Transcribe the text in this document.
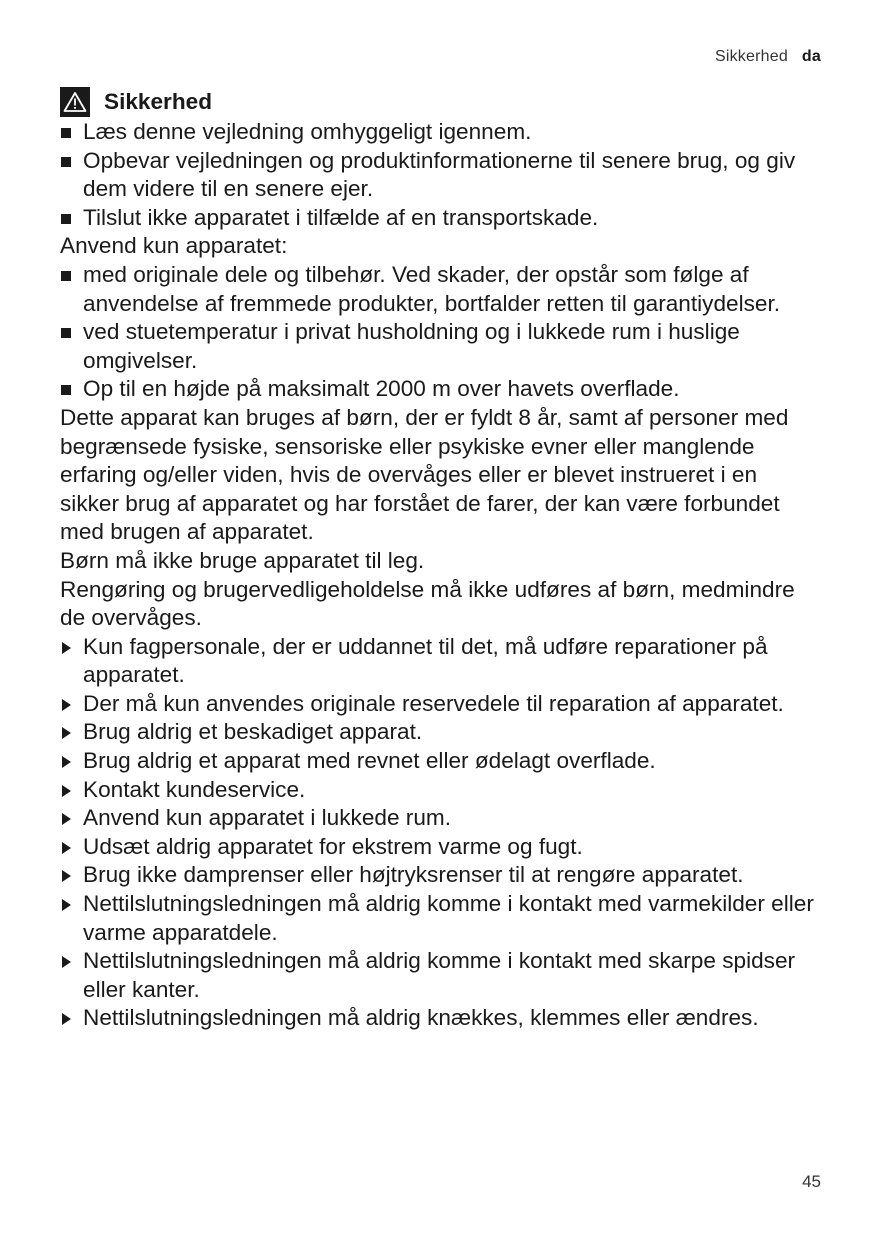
Sikkerhed da
Sikkerhed
Læs denne vejledning omhyggeligt igennem.
Opbevar vejledningen og produktinformationerne til senere brug, og giv dem videre til en senere ejer.
Tilslut ikke apparatet i tilfælde af en transportskade.

Anvend kun apparatet:

med originale dele og tilbehør. Ved skader, der opstår som følge af anvendelse af fremmede produkter, bortfalder retten til garantiydelser.
ved stuetemperatur i privat husholdning og i lukkede rum i huslige omgivelser.
Op til en højde på maksimalt 2000 m over havets overflade.

Dette apparat kan bruges af børn, der er fyldt 8 år, samt af personer med begrænsede fysiske, sensoriske eller psykiske evner eller manglende erfaring og/eller viden, hvis de overvåges eller er blevet instrueret i en sikker brug af apparatet og har forstået de farer, der kan være forbundet med brugen af apparatet.

Børn må ikke bruge apparatet til leg.

Rengøring og brugervedligeholdelse må ikke udføres af børn, medmindre de overvåges.

Kun fagpersonale, der er uddannet til det, må udføre reparationer på apparatet.
Der må kun anvendes originale reservedele til reparation af apparatet.
Brug aldrig et beskadiget apparat.
Brug aldrig et apparat med revnet eller ødelagt overflade.
Kontakt kundeservice.
Anvend kun apparatet i lukkede rum.
Udsæt aldrig apparatet for ekstrem varme og fugt.
Brug ikke damprenser eller højtryksrenser til at rengøre apparatet.
Nettilslutningsledningen må aldrig komme i kontakt med varmekilder eller varme apparatdele.
Nettilslutningsledningen må aldrig komme i kontakt med skarpe spidser eller kanter.
Nettilslutningsledningen må aldrig knækkes, klemmes eller ændres.
45
